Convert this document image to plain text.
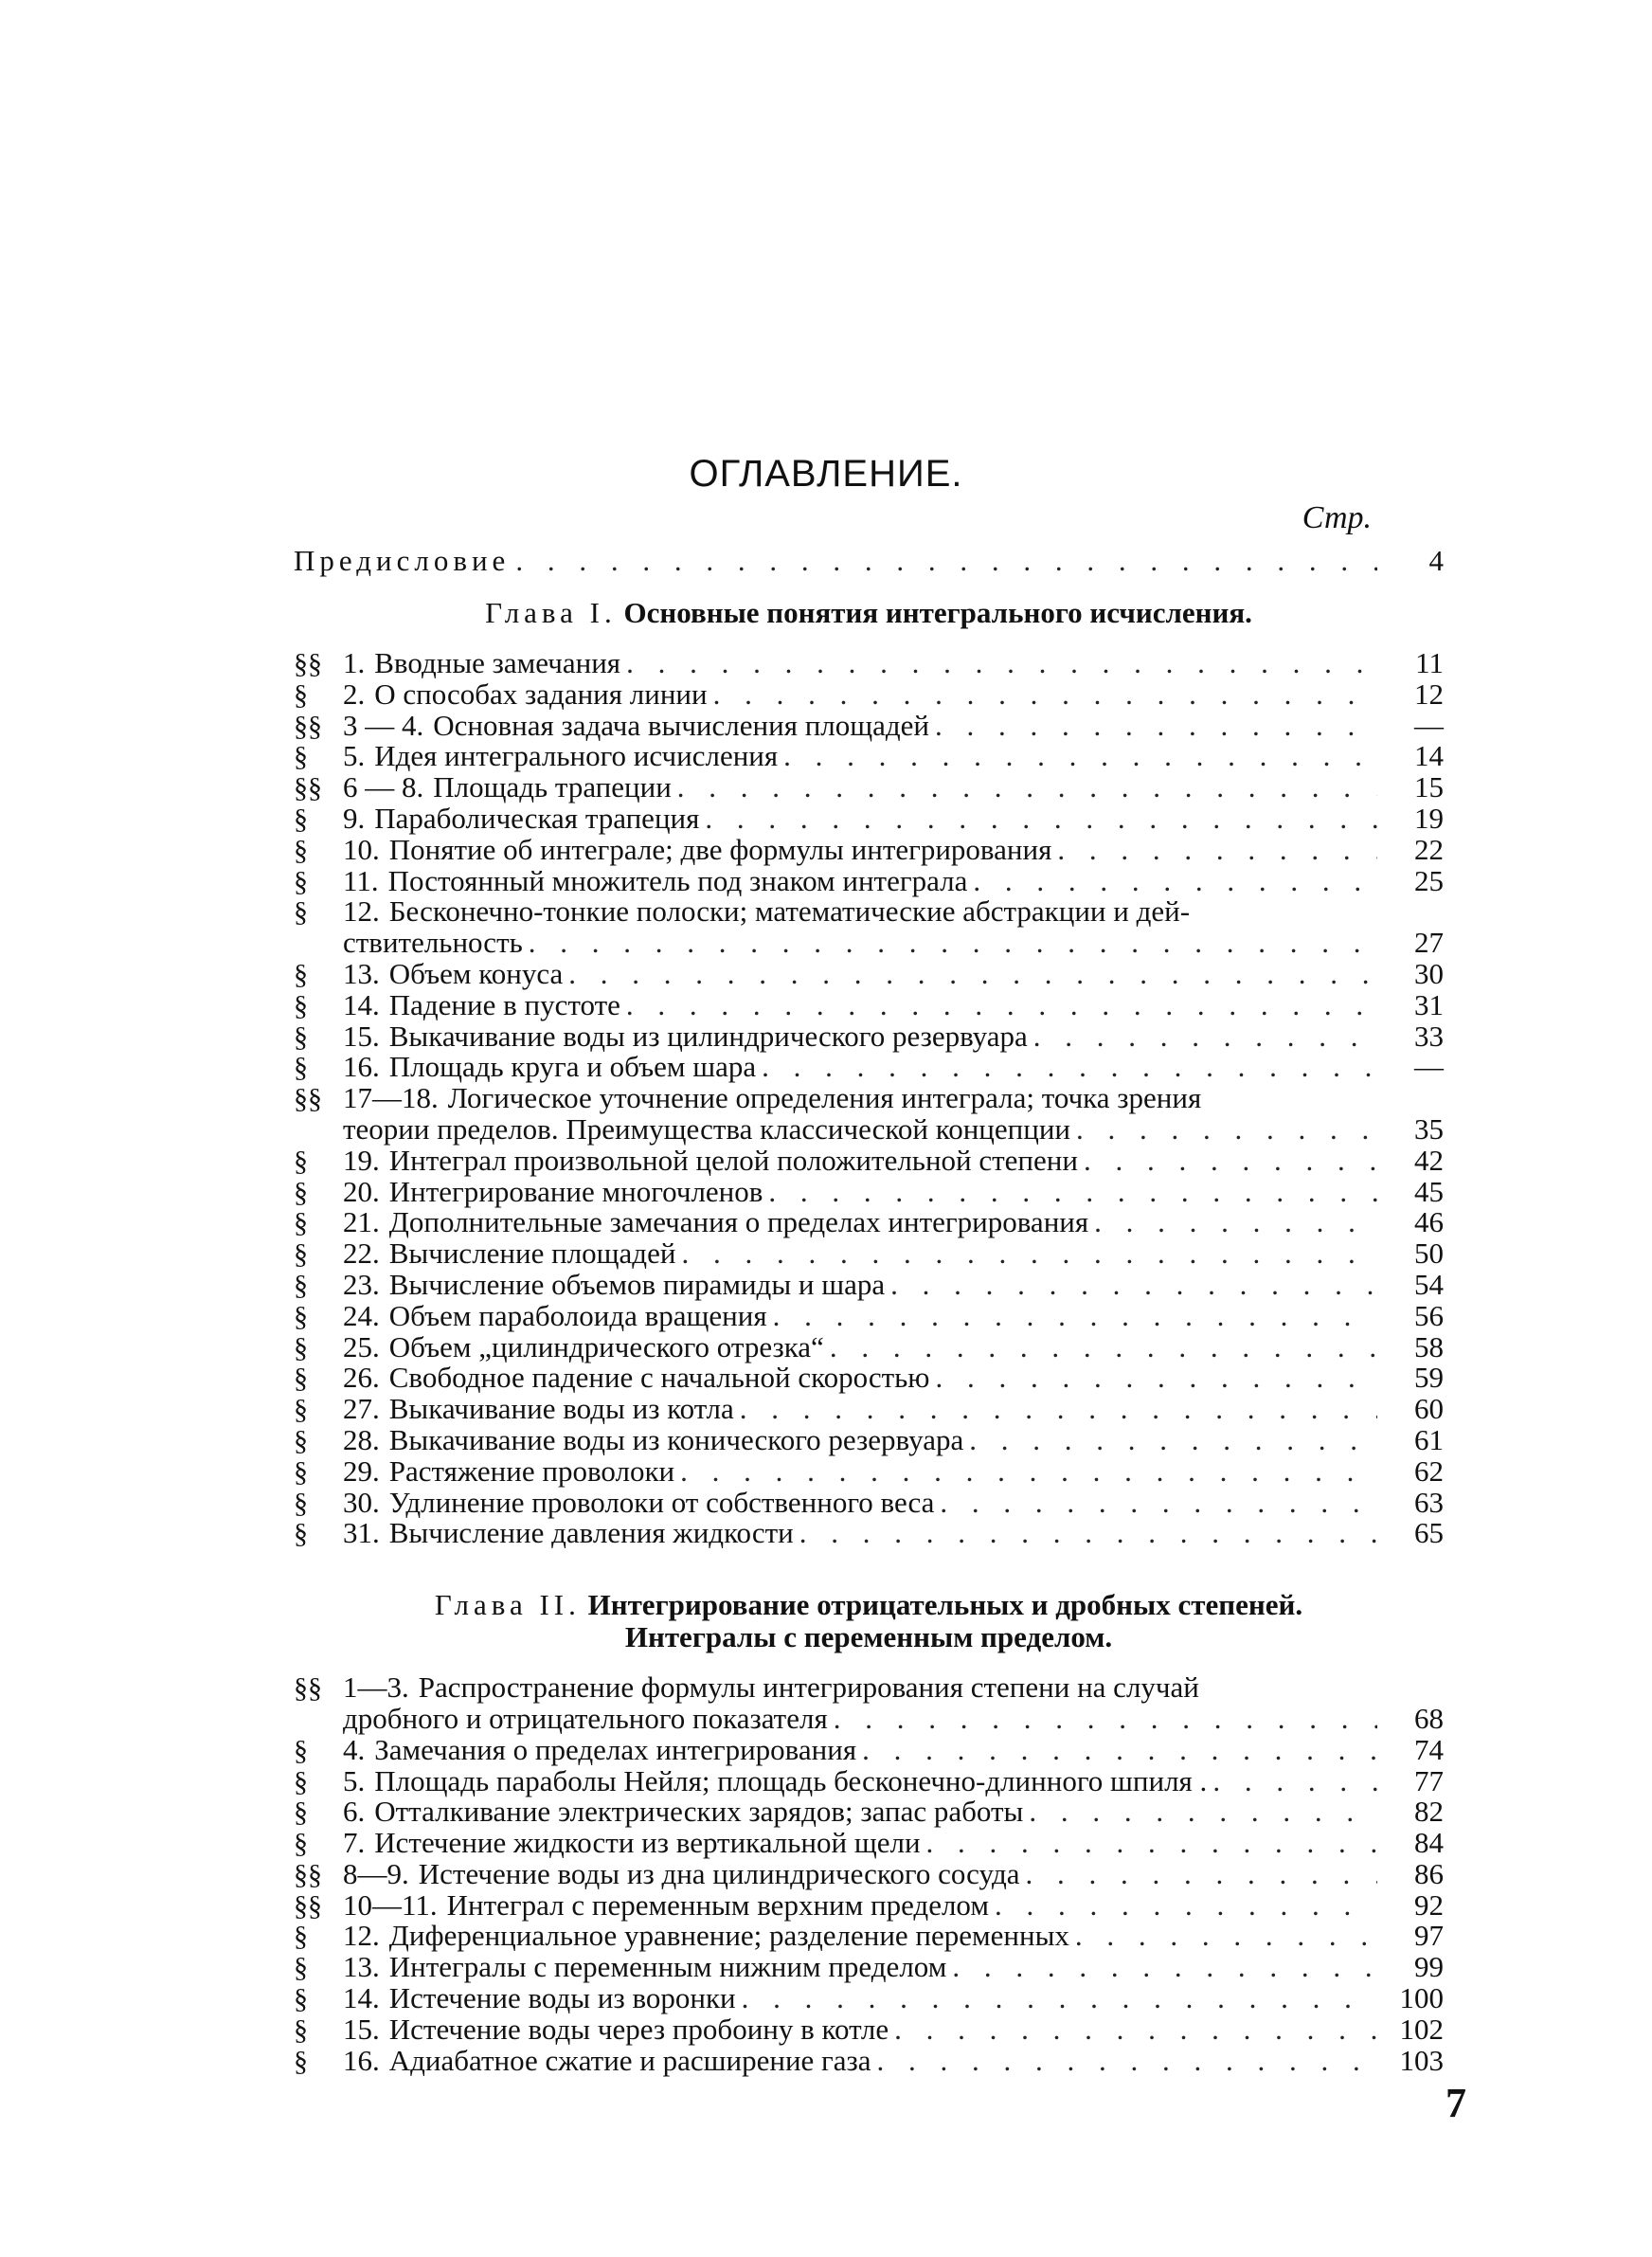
ОГЛАВЛЕНИЕ.
Стр.
Предисловие . . .	4
Глава I. Основные понятия интегрального исчисления.
§§ 1. Вводные замечания . . .	11
§	2. О способах задания линии . . .	12
§§ 3 — 4. Основная задача вычисления площадей . . .	—
§	5. Идея интегрального исчисления . . .	14
§§ 6 — 8. Площадь трапеции . . .	15
§	9. Параболическая трапеция . . .	19
§	10. Понятие об интеграле; две формулы интегрирования . . .	22
§	11. Постоянный множитель под знаком интеграла . . .	25
§	12. Бесконечно-тонкие полоски; математические абстракции и дей-
ствительность . . .	27
§	13. Объем конуса . . .	30
§	14. Падение в пустоте . . .	31
§	15. Выкачивание воды из цилиндрического резервуара . . .	33
§	16. Площадь круга и объем шара . . .	—
§§ 17—18. Логическое уточнение определения интеграла; точка зрения
теории пределов. Преимущества классической концепции . . .	35
§	19. Интеграл произвольной целой положительной степени . . .	42
§	20. Интегрирование многочленов . . .	45
§	21. Дополнительные замечания о пределах интегрирования . . .	46
§	22. Вычисление площадей . . .	50
§	23. Вычисление объемов пирамиды и шара . . .	54
§	24. Объем параболоида вращения . . .	56
§	25. Объем „цилиндрического отрезка“ . . .	58
§	26. Свободное падение с начальной скоростью . . .	59
§	27. Выкачивание воды из котла . . .	60
§	28. Выкачивание воды из конического резервуара . . .	61
§	29. Растяжение проволоки . . .	62
§	30. Удлинение проволоки от собственного веса . . .	63
§	31. Вычисление давления жидкости . . .	65
Глава II. Интегрирование отрицательных и дробных степеней.
Интегралы с переменным пределом.
§§ 1—3. Распространение формулы интегрирования степени на случай
дробного и отрицательного показателя . . .	68
§	4. Замечания о пределах интегрирования . . .	74
§	5. Площадь параболы Нейля; площадь бесконечно-длинного шпиля . . . .	77
§	6. Отталкивание электрических зарядов; запас работы . . .	82
§	7. Истечение жидкости из вертикальной щели . . .	84
§§ 8—9. Истечение воды из дна цилиндрического сосуда . . .	86
§§ 10—11. Интеграл с переменным верхним пределом . . .	92
§	12. Диференциальное уравнение; разделение переменных . . .	97
§	13. Интегралы с переменным нижним пределом . . .	99
§	14. Истечение воды из воронки . . .	100
§	15. Истечение воды через пробоину в котле . . .	102
§	16. Адиабатное сжатие и расширение газа . . .	103
7
